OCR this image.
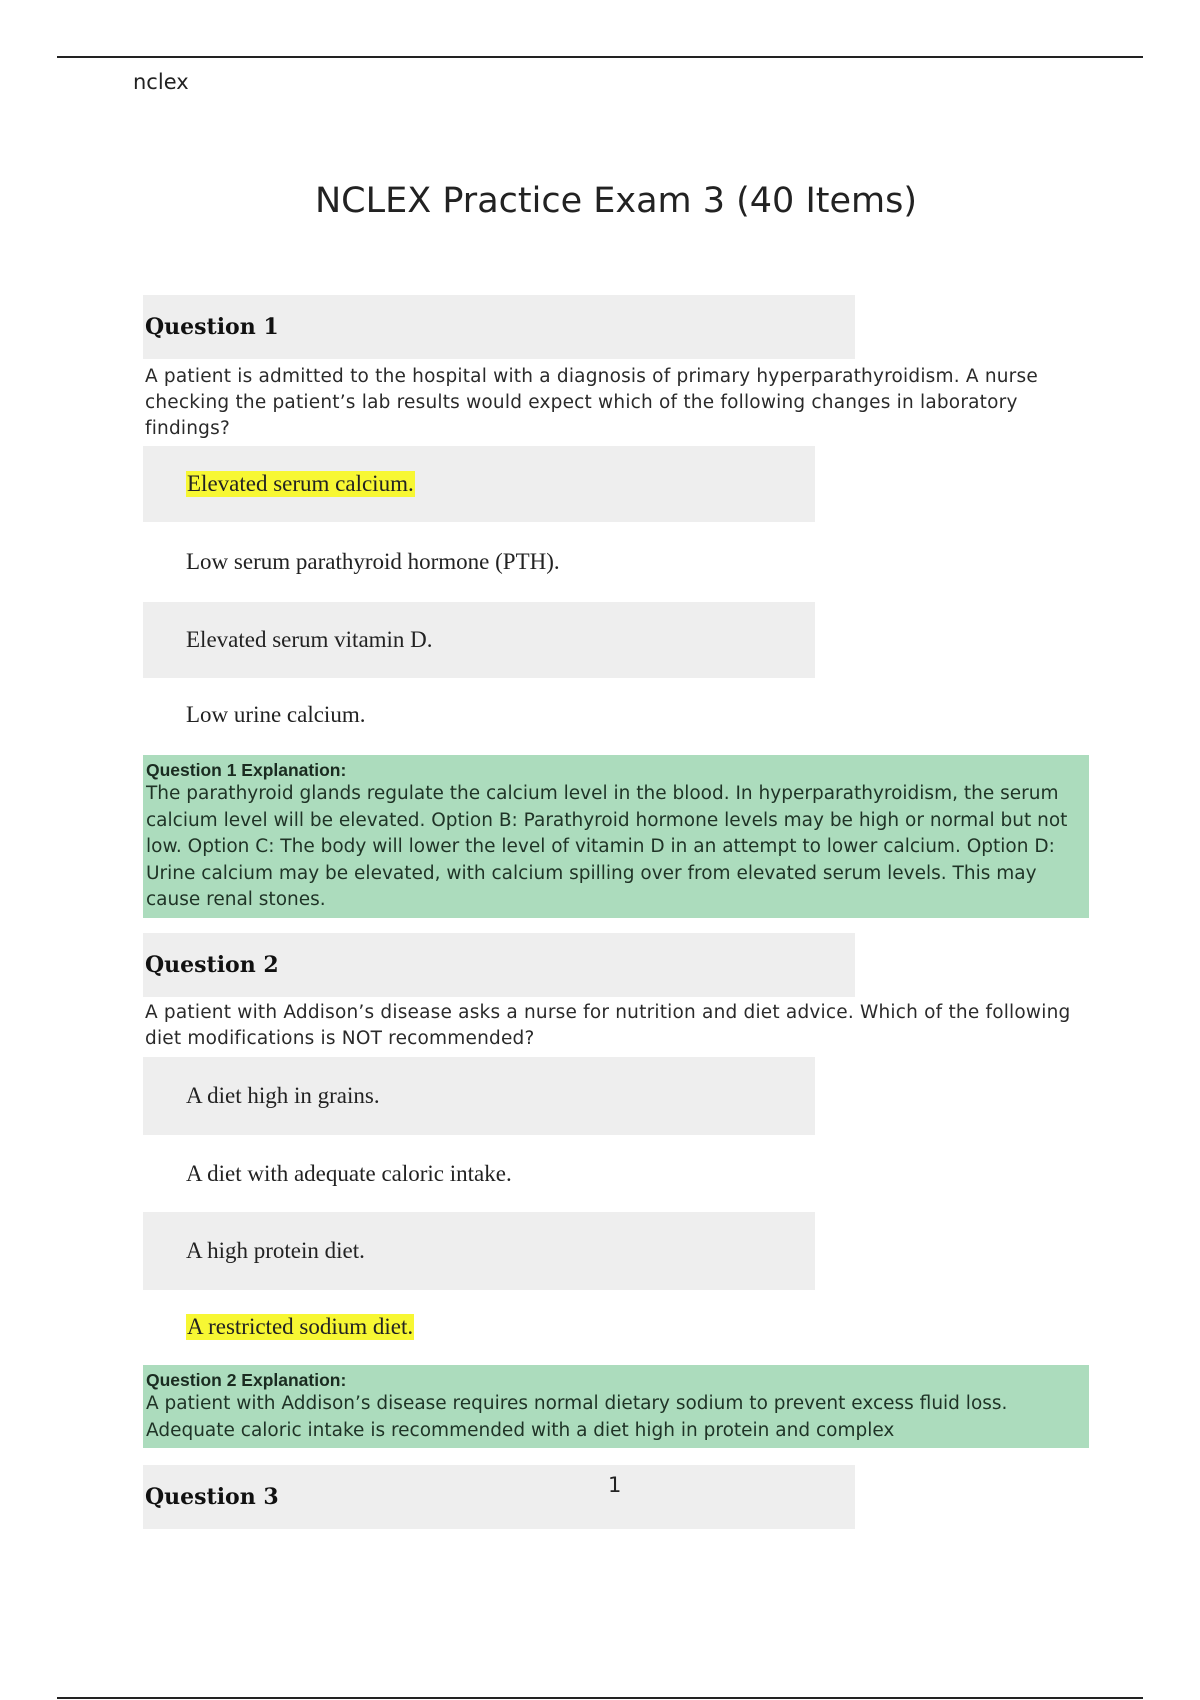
nclex
NCLEX Practice Exam 3 (40 Items)
Question 1
A patient is admitted to the hospital with a diagnosis of primary hyperparathyroidism. A nurse checking the patient’s lab results would expect which of the following changes in laboratory findings?
Elevated serum calcium.
Low serum parathyroid hormone (PTH).
Elevated serum vitamin D.
Low urine calcium.
Question 1 Explanation:
The parathyroid glands regulate the calcium level in the blood. In hyperparathyroidism, the serum calcium level will be elevated. Option B: Parathyroid hormone levels may be high or normal but not low. Option C: The body will lower the level of vitamin D in an attempt to lower calcium. Option D: Urine calcium may be elevated, with calcium spilling over from elevated serum levels. This may cause renal stones.
Question 2
A patient with Addison’s disease asks a nurse for nutrition and diet advice. Which of the following diet modifications is NOT recommended?
A diet high in grains.
A diet with adequate caloric intake.
A high protein diet.
A restricted sodium diet.
Question 2 Explanation:
A patient with Addison’s disease requires normal dietary sodium to prevent excess fluid loss. Adequate caloric intake is recommended with a diet high in protein and complex
Question 3	1
